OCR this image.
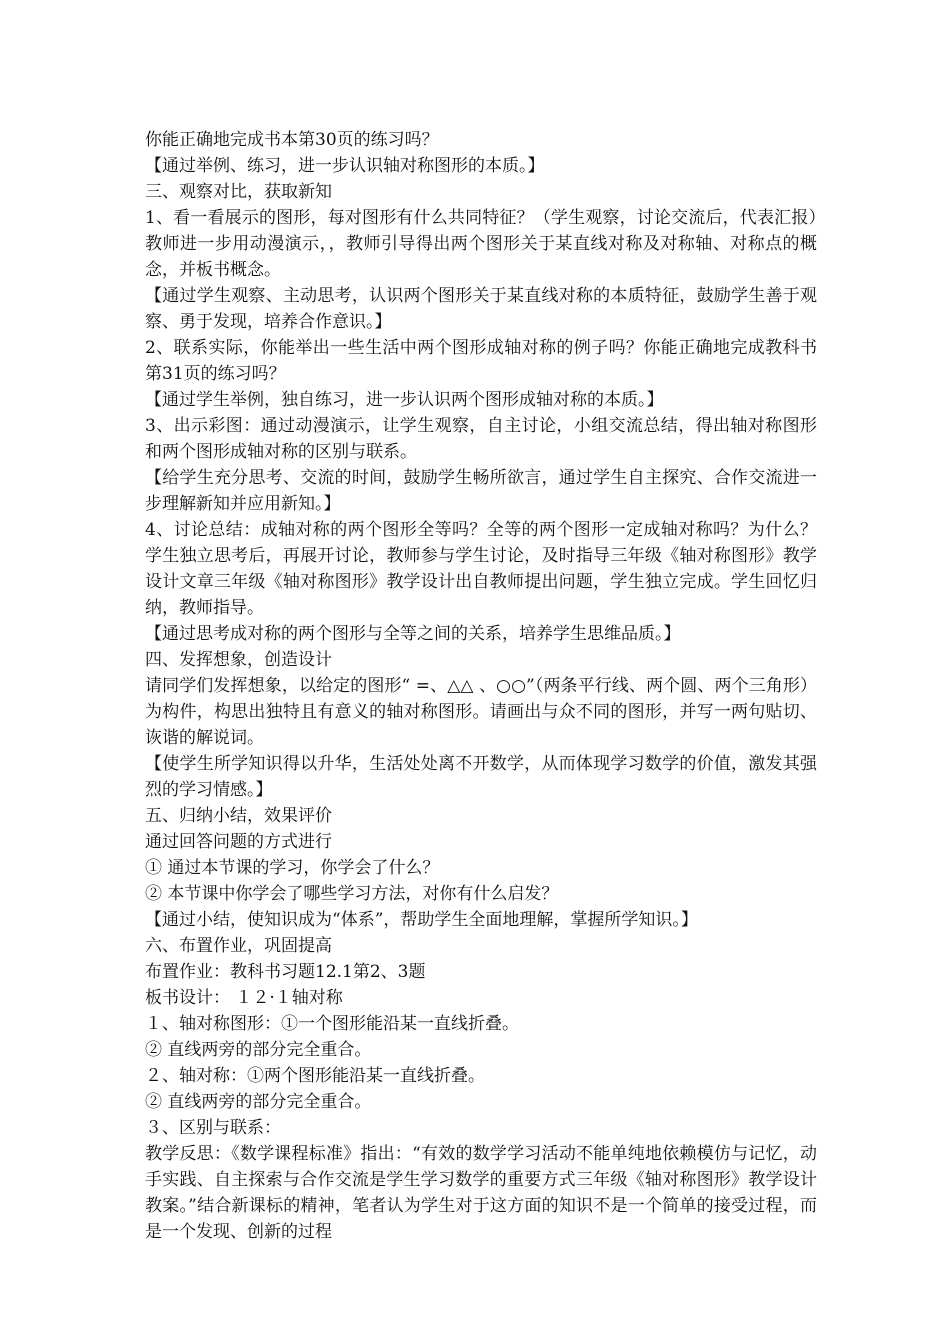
你能正确地完成书本第30页的练习吗？

【通过举例、练习，进一步认识轴对称图形的本质。】

三、观察对比，获取新知

1、看一看展示的图形，每对图形有什么共同特征？（学生观察，讨论交流后，代表汇报）教师进一步用动漫演示，，教师引导得出两个图形关于某直线对称及对称轴、对称点的概念，并板书概念。

【通过学生观察、主动思考，认识两个图形关于某直线对称的本质特征，鼓励学生善于观察、勇于发现，培养合作意识。】

2、联系实际，你能举出一些生活中两个图形成轴对称的例子吗？你能正确地完成教科书第31页的练习吗？

【通过学生举例，独自练习，进一步认识两个图形成轴对称的本质。】

3、出示彩图：通过动漫演示，让学生观察，自主讨论，小组交流总结，得出轴对称图形和两个图形成轴对称的区别与联系。

【给学生充分思考、交流的时间，鼓励学生畅所欲言，通过学生自主探究、合作交流进一步理解新知并应用新知。】

4、讨论总结：成轴对称的两个图形全等吗？全等的两个图形一定成轴对称吗？为什么？学生独立思考后，再展开讨论，教师参与学生讨论，及时指导三年级《轴对称图形》教学设计文章三年级《轴对称图形》教学设计出自教师提出问题，学生独立完成。学生回忆归纳，教师指导。

【通过思考成对称的两个图形与全等之间的关系，培养学生思维品质。】

四、发挥想象，创造设计

请同学们发挥想象，以给定的图形“ =、△△ 、○○”（两条平行线、两个圆、两个三角形）为构件，构思出独特且有意义的轴对称图形。请画出与众不同的图形，并写一两句贴切、诙谐的解说词。

【使学生所学知识得以升华，生活处处离不开数学，从而体现学习数学的价值，激发其强烈的学习情感。】

五、归纳小结，效果评价

通过回答问题的方式进行

① 通过本节课的学习，你学会了什么？

② 本节课中你学会了哪些学习方法，对你有什么启发？

【通过小结，使知识成为“体系”，帮助学生全面地理解，掌握所学知识。】

六、布置作业，巩固提高

布置作业：教科书习题12.1第2、3题

板书设计： １２·１轴对称

１、轴对称图形：①一个图形能沿某一直线折叠。

② 直线两旁的部分完全重合。

２、轴对称：①两个图形能沿某一直线折叠。

② 直线两旁的部分完全重合。

３、区别与联系：

教学反思：《数学课程标准》指出：“有效的数学学习活动不能单纯地依赖模仿与记忆，动手实践、自主探索与合作交流是学生学习数学的重要方式三年级《轴对称图形》教学设计教案。”结合新课标的精神，笔者认为学生对于这方面的知识不是一个简单的接受过程，而是一个发现、创新的过程
